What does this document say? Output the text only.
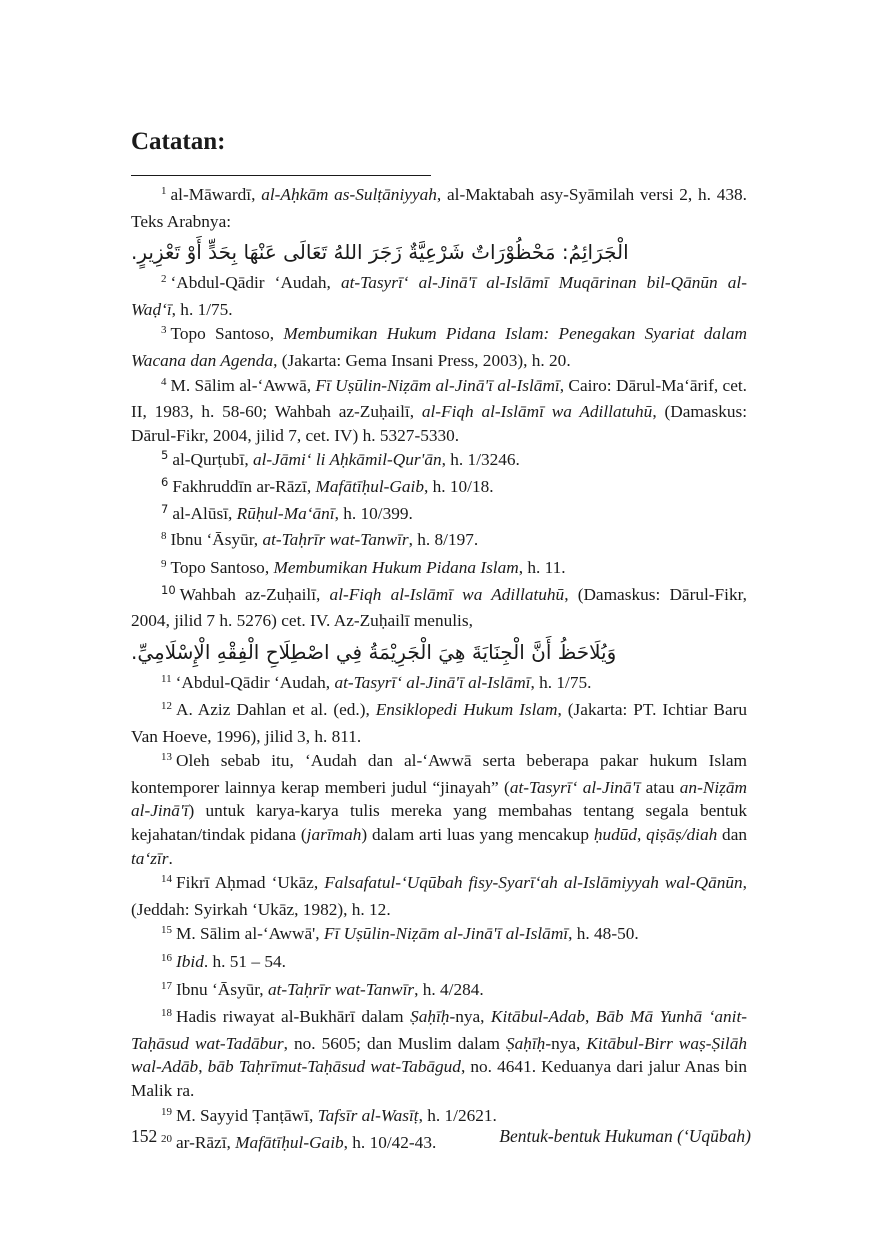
Catatan:

$^1$ al-Māwardī, al-Aḥkām as-Sulṭāniyyah, al-Maktabah asy-Syāmilah versi 2, h. 438. Teks Arabnya:

الْجَرَائِمُ: مَحْظُوْرَاتٌ شَرْعِيَّةٌ زَجَرَ اللهُ تَعَالَى عَنْهَا بِحَدٍّ أَوْ تَعْزِيرٍ.

$^2$ ‘Abdul-Qādir ‘Audah, at-Tasyrī‘ al-Jinā'ī al-Islāmī Muqārinan bil-Qānūn al-Waḍ‘ī, h. 1/75.

$^3$ Topo Santoso, Membumikan Hukum Pidana Islam: Penegakan Syariat dalam Wacana dan Agenda, (Jakarta: Gema Insani Press, 2003), h. 20.

$^4$ M. Sālim al-‘Awwā, Fī Uṣūlin-Niẓām al-Jinā'ī al-Islāmī, Cairo: Dārul-Ma‘ārif, cet. II, 1983, h. 58-60; Wahbah az-Zuḥailī, al-Fiqh al-Islāmī wa Adillatuhū, (Damaskus: Dārul-Fikr, 2004, jilid 7, cet. IV) h. 5327-5330.

$^5$ al-Qurṭubī, al-Jāmi‘ li Aḥkāmil-Qur'ān, h. 1/3246.

$^6$ Fakhruddīn ar-Rāzī, Mafātīḥul-Gaib, h. 10/18.

$^7$ al-Alūsī, Rūḥul-Ma‘ānī, h. 10/399.

$^8$ Ibnu ‘Āsyūr, at-Taḥrīr wat-Tanwīr, h. 8/197.

$^9$ Topo Santoso, Membumikan Hukum Pidana Islam, h. 11.

$^{10}$ Wahbah az-Zuḥailī, al-Fiqh al-Islāmī wa Adillatuhū, (Damaskus: Dārul-Fikr, 2004, jilid 7 h. 5276) cet. IV. Az-Zuḥailī menulis,

وَيُلَاحَظُ أَنَّ الْجِنَايَةَ هِيَ الْجَرِيْمَةُ فِي اصْطِلَاحِ الْفِقْهِ الْإِسْلَامِيِّ.

$^{11}$ ‘Abdul-Qādir ‘Audah, at-Tasyrī‘ al-Jinā'ī al-Islāmī, h. 1/75.

$^{12}$ A. Aziz Dahlan et al. (ed.), Ensiklopedi Hukum Islam, (Jakarta: PT. Ichtiar Baru Van Hoeve, 1996), jilid 3, h. 811.

$^{13}$ Oleh sebab itu, ‘Audah dan al-‘Awwā serta beberapa pakar hukum Islam kontemporer lainnya kerap memberi judul “jinayah” (at-Tasyrī‘ al-Jinā'ī atau an-Niẓām al-Jinā'ī) untuk karya-karya tulis mereka yang membahas tentang segala bentuk kejahatan/tindak pidana (jarīmah) dalam arti luas yang mencakup ḥudūd, qiṣāṣ/diah dan ta‘zīr.

$^{14}$ Fikrī Aḥmad ‘Ukāz, Falsafatul-‘Uqūbah fisy-Syarī‘ah al-Islāmiyyah wal-Qānūn, (Jeddah: Syirkah ‘Ukāz, 1982), h. 12.

$^{15}$ M. Sālim al-‘Awwā', Fī Uṣūlin-Niẓām al-Jinā'ī al-Islāmī, h. 48-50.

$^{16}$ Ibid. h. 51 – 54.

$^{17}$ Ibnu ‘Āsyūr, at-Taḥrīr wat-Tanwīr, h. 4/284.

$^{18}$ Hadis riwayat al-Bukhārī dalam Ṣaḥīḥ-nya, Kitābul-Adab, Bāb Mā Yunhā ‘anit-Taḥāsud wat-Tadābur, no. 5605; dan Muslim dalam Ṣaḥīḥ-nya, Kitābul-Birr waṣ-Ṣilāh wal-Adāb, bāb Taḥrīmut-Taḥāsud wat-Tabāgud, no. 4641. Keduanya dari jalur Anas bin Malik ra.

$^{19}$ M. Sayyid Ṭanṭāwī, Tafsīr al-Wasīṭ, h. 1/2621.

$^{20}$ ar-Rāzī, Mafātīḥul-Gaib, h. 10/42-43.

152	Bentuk-bentuk Hukuman (‘Uqūbah)
